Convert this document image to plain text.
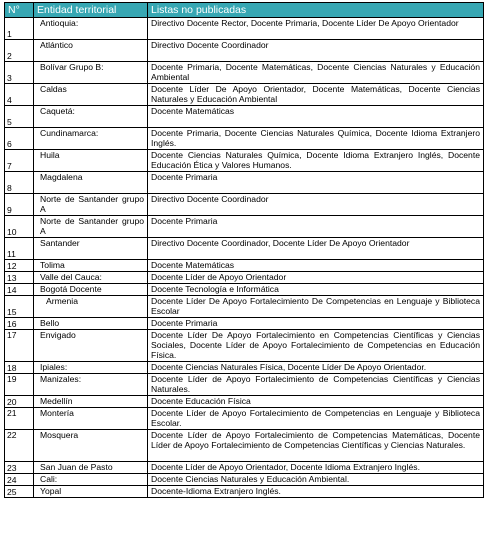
N°	Entidad territorial	Listas no publicadas
1	Antioquia:	Directivo Docente Rector, Docente Primaria, Docente Líder De Apoyo Orientador
2	Atlántico	Directivo Docente Coordinador
3	Bolívar Grupo B:	Docente Primaria, Docente Matemáticas, Docente Ciencias Naturales y Educación Ambiental
4	Caldas	Docente Líder De Apoyo Orientador, Docente Matemáticas, Docente Ciencias Naturales y Educación Ambiental
5	Caquetá:	Docente Matemáticas
6	Cundinamarca:	Docente Primaria, Docente Ciencias Naturales Química, Docente Idioma Extranjero Inglés.
7	Huila	Docente Ciencias Naturales Química, Docente Idioma Extranjero Inglés, Docente Educación Ética y Valores Humanos.
8	Magdalena	Docente Primaria
9	Norte de Santander grupo A	Directivo Docente Coordinador
10	Norte de Santander grupo A	Docente Primaria
11	Santander	Directivo Docente Coordinador, Docente Líder De Apoyo Orientador
12	Tolima	Docente Matemáticas
13	Valle del Cauca:	Docente Líder de Apoyo Orientador
14	Bogotá Docente	Docente Tecnología e Informática
15	Armenia	Docente Líder De Apoyo Fortalecimiento De Competencias en Lenguaje y Biblioteca Escolar
16	Bello	Docente Primaria
17	Envigado	Docente Líder De Apoyo Fortalecimiento en Competencias Científicas y Ciencias Sociales, Docente Líder de Apoyo Fortalecimiento de Competencias en Educación Física.
18	Ipiales:	Docente Ciencias Naturales Física, Docente Líder De Apoyo Orientador.
19	Manizales:	Docente Líder de Apoyo Fortalecimiento de Competencias Científicas y Ciencias Naturales.
20	Medellín	Docente Educación Física
21	Montería	Docente Líder de Apoyo Fortalecimiento de Competencias en Lenguaje y Biblioteca Escolar.
22	Mosquera	Docente Líder de Apoyo Fortalecimiento de Competencias Matemáticas, Docente Líder de Apoyo Fortalecimiento de Competencias Científicas y Ciencias Naturales.
23	San Juan de Pasto	Docente Líder de Apoyo Orientador, Docente Idioma Extranjero Inglés.
24	Cali:	Docente Ciencias Naturales y Educación Ambiental.
25	Yopal	Docente-Idioma Extranjero Inglés.
